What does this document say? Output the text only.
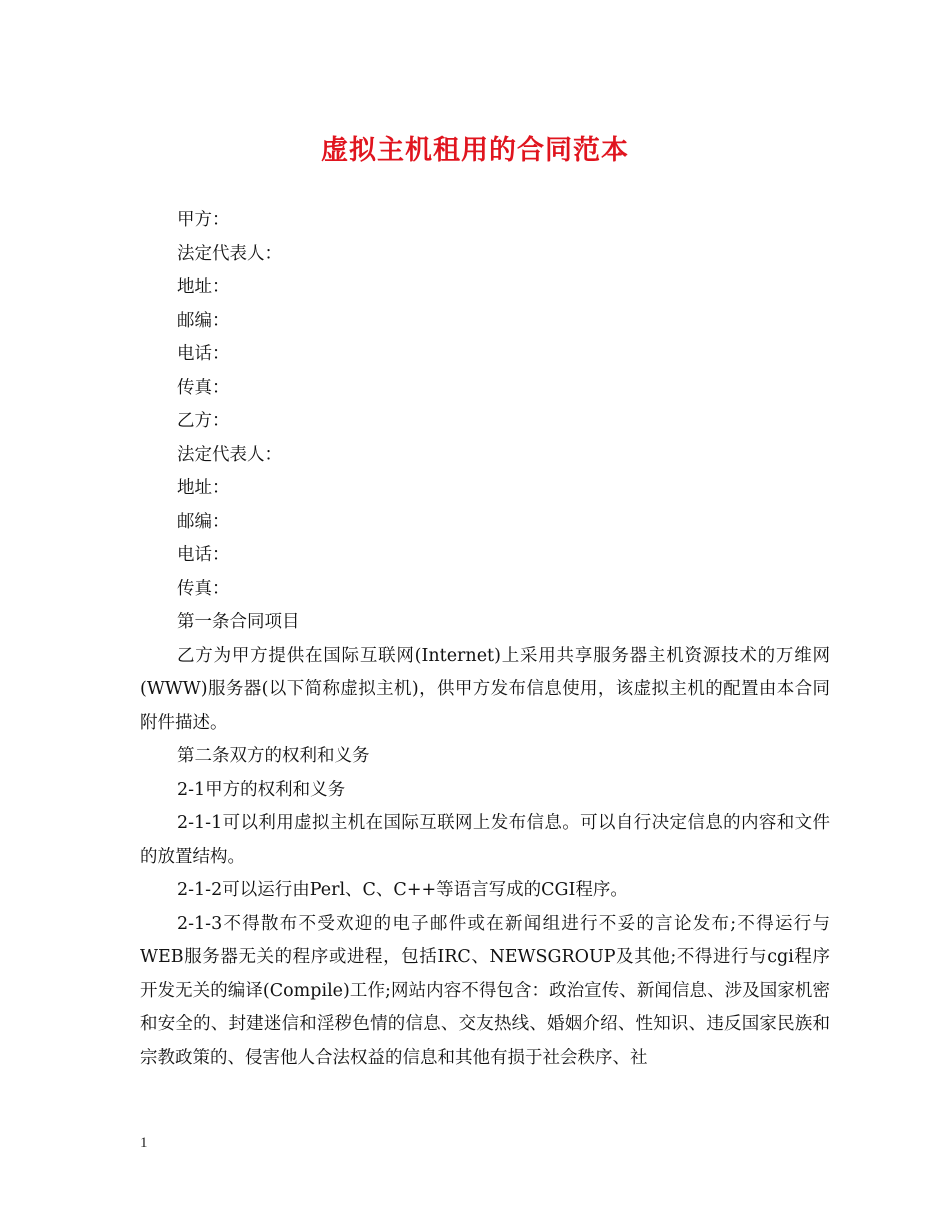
虚拟主机租用的合同范本

甲方：

法定代表人：

地址：

邮编：

电话：

传真：

乙方：

法定代表人：

地址：

邮编：

电话：

传真：

第一条合同项目

乙方为甲方提供在国际互联网(Internet)上采用共享服务器主机资源技术的万维网(WWW)服务器(以下简称虚拟主机)，供甲方发布信息使用，该虚拟主机的配置由本合同附件描述。

第二条双方的权利和义务

2-1甲方的权利和义务

2-1-1可以利用虚拟主机在国际互联网上发布信息。可以自行决定信息的内容和文件的放置结构。

2-1-2可以运行由Perl、C、C++等语言写成的CGI程序。

2-1-3不得散布不受欢迎的电子邮件或在新闻组进行不妥的言论发布;不得运行与WEB服务器无关的程序或进程，包括IRC、NEWSGROUP及其他;不得进行与cgi程序开发无关的编译(Compile)工作;网站内容不得包含：政治宣传、新闻信息、涉及国家机密和安全的、封建迷信和淫秽色情的信息、交友热线、婚姻介绍、性知识、违反国家民族和宗教政策的、侵害他人合法权益的信息和其他有损于社会秩序、社

1
